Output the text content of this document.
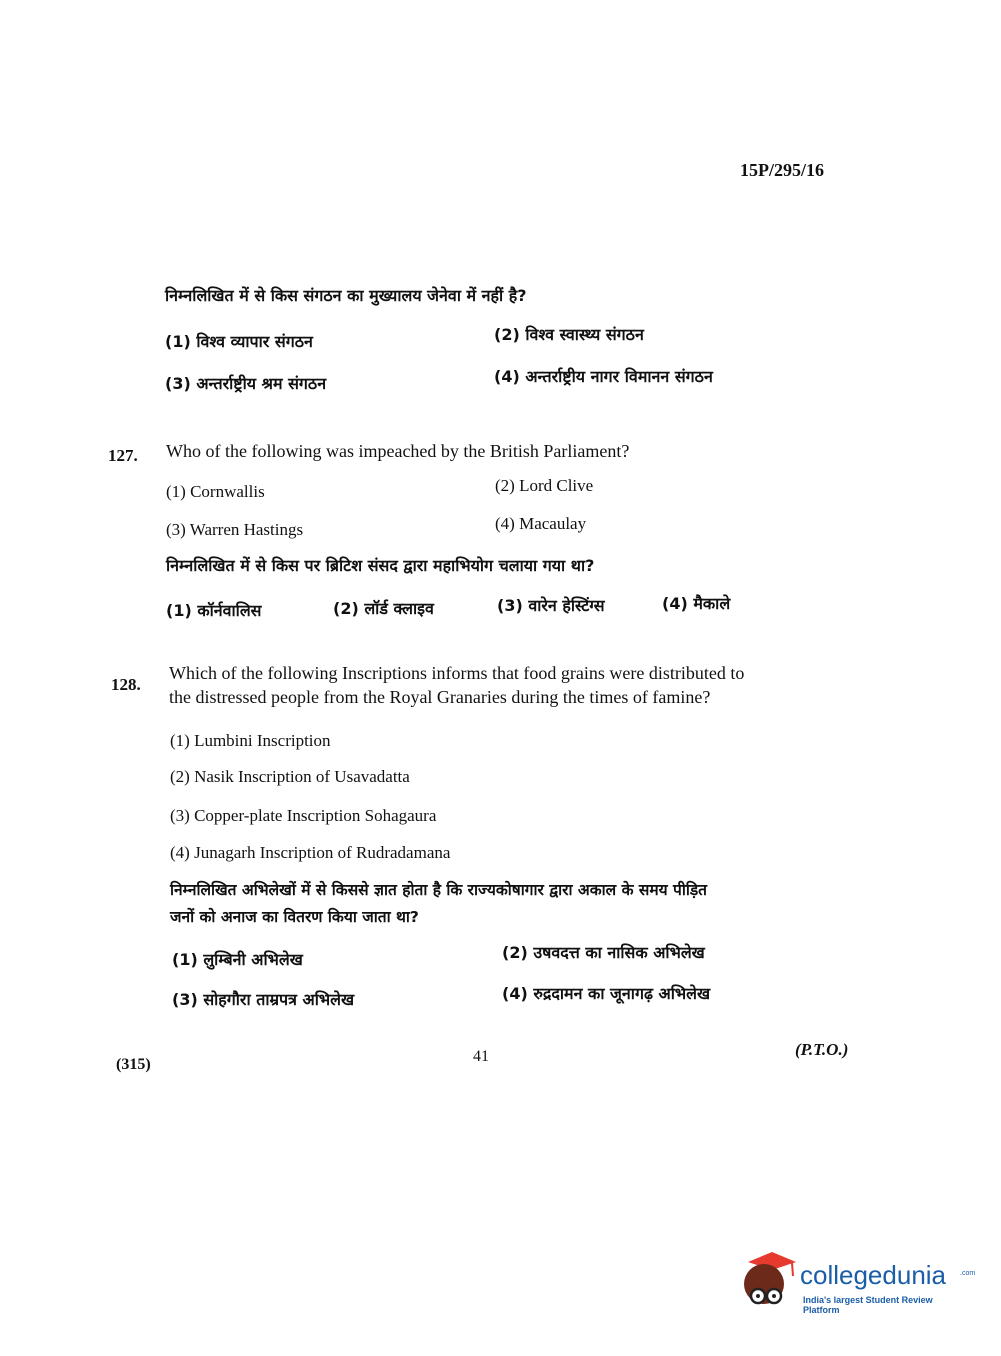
15P/295/16
निम्नलिखित में से किस संगठन का मुख्यालय जेनेवा में नहीं है?
(1) विश्व व्यापार संगठन	(2) विश्व स्वास्थ्य संगठन
(3) अन्तर्राष्ट्रीय श्रम संगठन	(4) अन्तर्राष्ट्रीय नागर विमानन संगठन
127. Who of the following was impeached by the British Parliament?
(1) Cornwallis	(2) Lord Clive
(3) Warren Hastings	(4) Macaulay
निम्नलिखित में से किस पर ब्रिटिश संसद द्वारा महाभियोग चलाया गया था?
(1) कॉर्नवालिस	(2) लॉर्ड क्लाइव	(3) वारेन हेस्टिंग्स	(4) मैकाले
128.
Which of the following Inscriptions informs that food grains were distributed to
the distressed people from the Royal Granaries during the times of famine?
(1) Lumbini Inscription
(2) Nasik Inscription of Usavadatta
(3) Copper-plate Inscription Sohagaura
(4) Junagarh Inscription of Rudradamana
निम्नलिखित अभिलेखों में से किससे ज्ञात होता है कि राज्यकोषागार द्वारा अकाल के समय पीड़ित
जनों को अनाज का वितरण किया जाता था?
(1) लुम्बिनी अभिलेख	(2) उषवदत्त का नासिक अभिलेख
(3) सोहगौरा ताम्रपत्र अभिलेख	(4) रुद्रदामन का जूनागढ़ अभिलेख
(315)	41	(P.T.O.)
collegedunia .com
India's largest Student Review Platform
